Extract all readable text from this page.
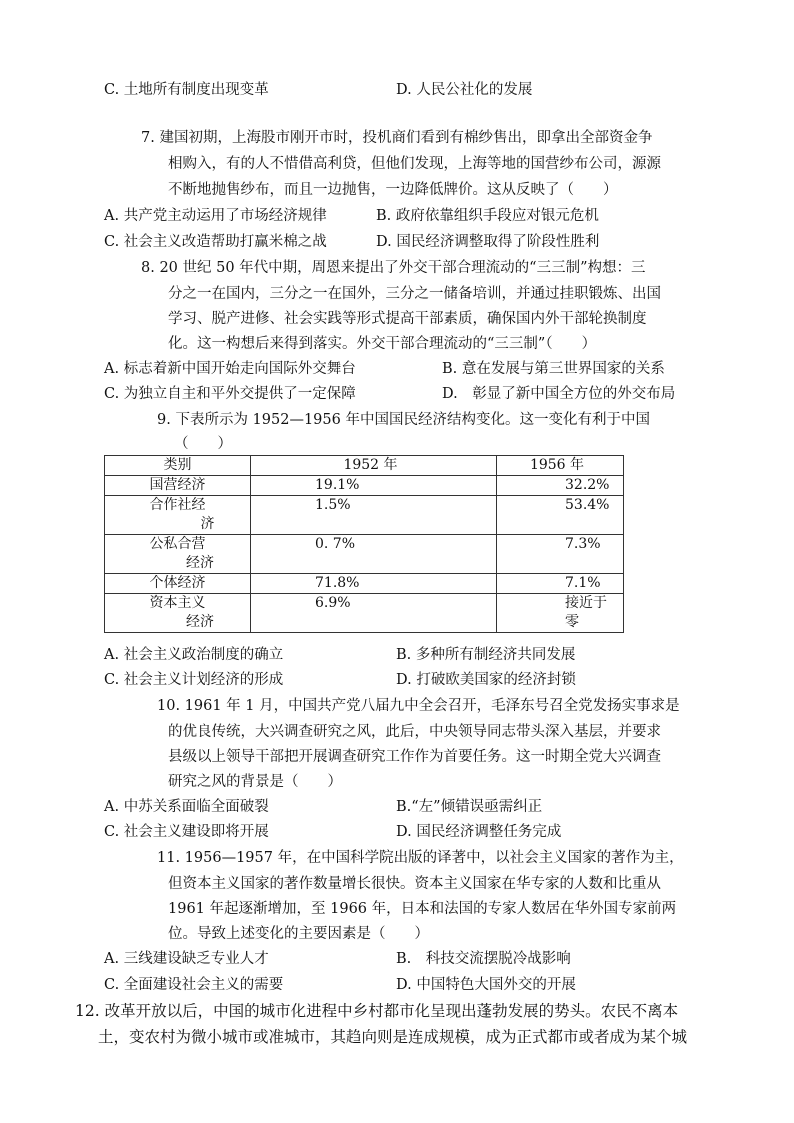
C. 土地所有制度出现变革	D. 人民公社化的发展
7. 建国初期，上海股市刚开市时，投机商们看到有棉纱售出，即拿出全部资金争
相购入，有的人不惜借高利贷，但他们发现，上海等地的国营纱布公司，源源
不断地抛售纱布，而且一边抛售，一边降低牌价。这从反映了（　　）
A. 共产党主动运用了市场经济规律	B. 政府依靠组织手段应对银元危机
C. 社会主义改造帮助打赢米棉之战	D. 国民经济调整取得了阶段性胜利
8. 20 世纪 50 年代中期，周恩来提出了外交干部合理流动的“三三制”构想：三
分之一在国内，三分之一在国外，三分之一储备培训，并通过挂职锻炼、出国
学习、脱产进修、社会实践等形式提高干部素质，确保国内外干部轮换制度
化。这一构想后来得到落实。外交干部合理流动的“三三制”（　　）
A. 标志着新中国开始走向国际外交舞台	B. 意在发展与第三世界国家的关系
C. 为独立自主和平外交提供了一定保障	D.　彰显了新中国全方位的外交布局
9. 下表所示为 1952—1956 年中国国民经济结构变化。这一变化有利于中国
（　　）
类别	1952 年	1956 年

国营经济	19.1%	32.2%

合作社经
济	1.5%	53.4%

公私合营
经济	0. 7%	7.3%

个体经济	71.8%	7.1%

资本主义
经济	6.9%	接近于零
A. 社会主义政治制度的确立	B. 多种所有制经济共同发展
C. 社会主义计划经济的形成	D. 打破欧美国家的经济封锁
10. 1961 年 1 月，中国共产党八届九中全会召开，毛泽东号召全党发扬实事求是
的优良传统，大兴调查研究之风，此后，中央领导同志带头深入基层，并要求
县级以上领导干部把开展调查研究工作作为首要任务。这一时期全党大兴调查
研究之风的背景是（　　）
A. 中苏关系面临全面破裂	B.“左”倾错误亟需纠正
C. 社会主义建设即将开展	D. 国民经济调整任务完成
11. 1956—1957 年，在中国科学院出版的译著中，以社会主义国家的著作为主，
但资本主义国家的著作数量增长很快。资本主义国家在华专家的人数和比重从
1961 年起逐渐增加，至 1966 年，日本和法国的专家人数居在华外国专家前两
位。导致上述变化的主要因素是（　　）
A. 三线建设缺乏专业人才	B.　科技交流摆脱冷战影响
C. 全面建设社会主义的需要	D. 中国特色大国外交的开展
12. 改革开放以后，中国的城市化进程中乡村都市化呈现出蓬勃发展的势头。农民不离本
土，变农村为微小城市或准城市，其趋向则是连成规模，成为正式都市或者成为某个城
